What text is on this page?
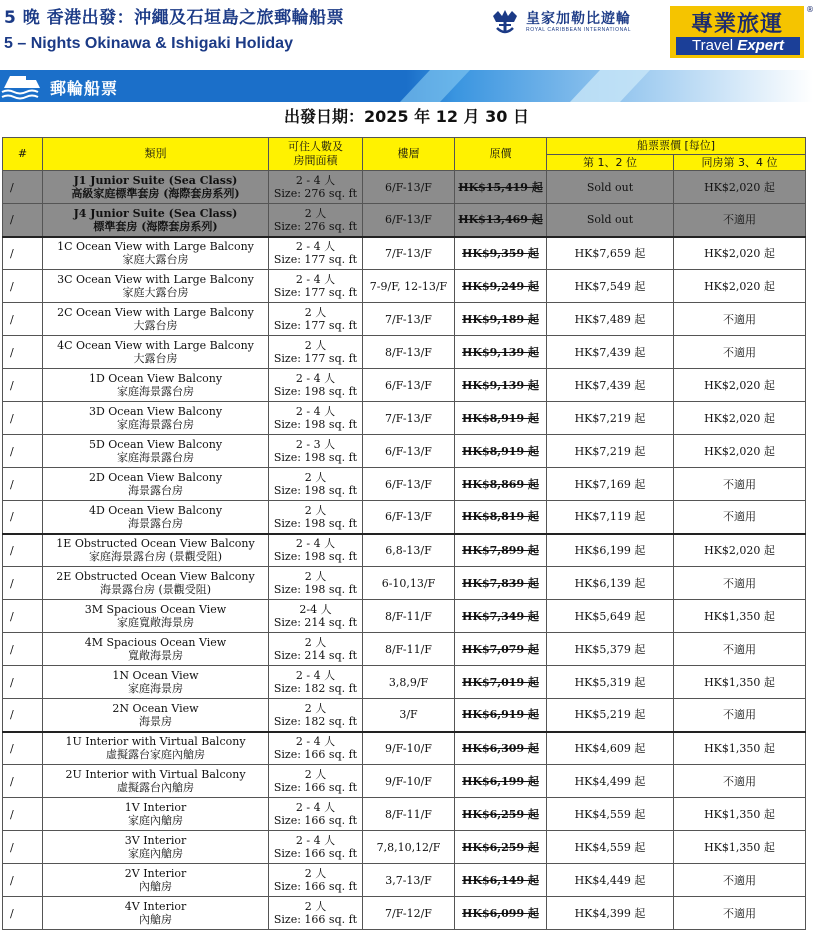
5 晚 香港出發：沖繩及石垣島之旅郵輪船票
5 – Nights Okinawa & Ishigaki Holiday
皇家加勒比遊輪
ROYAL CARIBBEAN INTERNATIONAL	專業旅運
Travel Expert
®
郵輪船票
出發日期：2025 年 12 月 30 日
#	類別	可住人數及
房間面積	樓層	原價	船票票價 [每位]	
					第 1、2 位	同房第 3、4 位
/	J1 Junior Suite (Sea Class)
高級家庭標準套房 (海際套房系列)	2 - 4 人
Size: 276 sq. ft	6/F-13/F	HK$15,419 起	Sold out	HK$2,020 起
/	J4 Junior Suite (Sea Class)
標準套房 (海際套房系列)	2 人
Size: 276 sq. ft	6/F-13/F	HK$13,469 起	Sold out	不適用
/	1C Ocean View with Large Balcony
家庭大露台房	2 - 4 人
Size: 177 sq. ft	7/F-13/F	HK$9,359 起	HK$7,659 起	HK$2,020 起
/	3C Ocean View with Large Balcony
家庭大露台房	2 - 4 人
Size: 177 sq. ft	7-9/F, 12-13/F	HK$9,249 起	HK$7,549 起	HK$2,020 起
/	2C Ocean View with Large Balcony
大露台房	2 人
Size: 177 sq. ft	7/F-13/F	HK$9,189 起	HK$7,489 起	不適用
/	4C Ocean View with Large Balcony
大露台房	2 人
Size: 177 sq. ft	8/F-13/F	HK$9,139 起	HK$7,439 起	不適用
/	1D Ocean View Balcony
家庭海景露台房	2 - 4 人
Size: 198 sq. ft	6/F-13/F	HK$9,139 起	HK$7,439 起	HK$2,020 起
/	3D Ocean View Balcony
家庭海景露台房	2 - 4 人
Size: 198 sq. ft	7/F-13/F	HK$8,919 起	HK$7,219 起	HK$2,020 起
/	5D Ocean View Balcony
家庭海景露台房	2 - 3 人
Size: 198 sq. ft	6/F-13/F	HK$8,919 起	HK$7,219 起	HK$2,020 起
/	2D Ocean View Balcony
海景露台房	2 人
Size: 198 sq. ft	6/F-13/F	HK$8,869 起	HK$7,169 起	不適用
/	4D Ocean View Balcony
海景露台房	2 人
Size: 198 sq. ft	6/F-13/F	HK$8,819 起	HK$7,119 起	不適用
/	1E Obstructed Ocean View Balcony
家庭海景露台房 (景觀受阻)	2 - 4 人
Size: 198 sq. ft	6,8-13/F	HK$7,899 起	HK$6,199 起	HK$2,020 起
/	2E Obstructed Ocean View Balcony
海景露台房 (景觀受阻)	2 人
Size: 198 sq. ft	6-10,13/F	HK$7,839 起	HK$6,139 起	不適用
/	3M Spacious Ocean View
家庭寬敞海景房	2-4 人
Size: 214 sq. ft	8/F-11/F	HK$7,349 起	HK$5,649 起	HK$1,350 起
/	4M Spacious Ocean View
寬敞海景房	2 人
Size: 214 sq. ft	8/F-11/F	HK$7,079 起	HK$5,379 起	不適用
/	1N Ocean View
家庭海景房	2 - 4 人
Size: 182 sq. ft	3,8,9/F	HK$7,019 起	HK$5,319 起	HK$1,350 起
/	2N Ocean View
海景房	2 人
Size: 182 sq. ft	3/F	HK$6,919 起	HK$5,219 起	不適用
/	1U Interior with Virtual Balcony
虛擬露台家庭內艙房	2 - 4 人
Size: 166 sq. ft	9/F-10/F	HK$6,309 起	HK$4,609 起	HK$1,350 起
/	2U Interior with Virtual Balcony
虛擬露台內艙房	2 人
Size: 166 sq. ft	9/F-10/F	HK$6,199 起	HK$4,499 起	不適用
/	1V Interior
家庭內艙房	2 - 4 人
Size: 166 sq. ft	8/F-11/F	HK$6,259 起	HK$4,559 起	HK$1,350 起
/	3V Interior
家庭內艙房	2 - 4 人
Size: 166 sq. ft	7,8,10,12/F	HK$6,259 起	HK$4,559 起	HK$1,350 起
/	2V Interior
內艙房	2 人
Size: 166 sq. ft	3,7-13/F	HK$6,149 起	HK$4,449 起	不適用
/	4V Interior
內艙房	2 人
Size: 166 sq. ft	7/F-12/F	HK$6,099 起	HK$4,399 起	不適用
